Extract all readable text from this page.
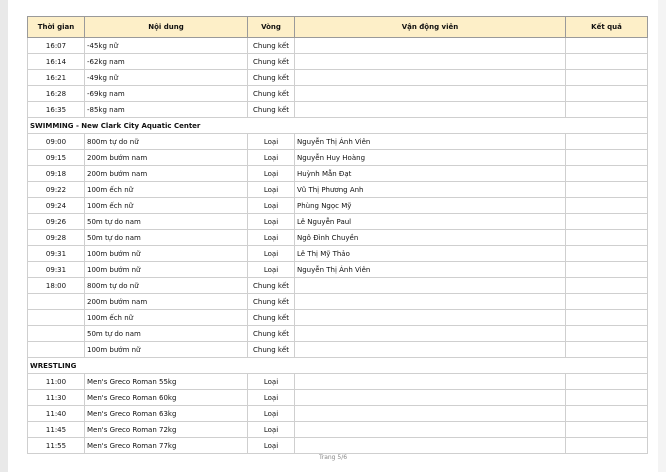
Thời gian	Nội dung	Vòng	Vận động viên	Kết quả
16:07	-45kg nữ	Chung kết		
16:14	-62kg nam	Chung kết		
16:21	-49kg nữ	Chung kết		
16:28	-69kg nam	Chung kết		
16:35	-85kg nam	Chung kết		
SWIMMING - New Clark City Aquatic Center				
09:00	800m tự do nữ	Loại	Nguyễn Thị Ánh Viên	
09:15	200m bướm nam	Loại	Nguyễn Huy Hoàng	
09:18	200m bướm nam	Loại	Huỳnh Mẫn Đạt	
09:22	100m ếch nữ	Loại	Vũ Thị Phương Anh	
09:24	100m ếch nữ	Loại	Phùng Ngọc Mỹ	
09:26	50m tự do nam	Loại	Lê Nguyễn Paul	
09:28	50m tự do nam	Loại	Ngô Đình Chuyền	
09:31	100m bướm nữ	Loại	Lê Thị Mỹ Thảo	
09:31	100m bướm nữ	Loại	Nguyễn Thị Ánh Viên	
18:00	800m tự do nữ	Chung kết		
	200m bướm nam	Chung kết		
	100m ếch nữ	Chung kết		
	50m tự do nam	Chung kết		
	100m bướm nữ	Chung kết		
WRESTLING				
11:00	Men's Greco Roman 55kg	Loại		
11:30	Men's Greco Roman 60kg	Loại		
11:40	Men's Greco Roman 63kg	Loại		
11:45	Men's Greco Roman 72kg	Loại		
11:55	Men's Greco Roman 77kg	Loại		
Trang 5/6
